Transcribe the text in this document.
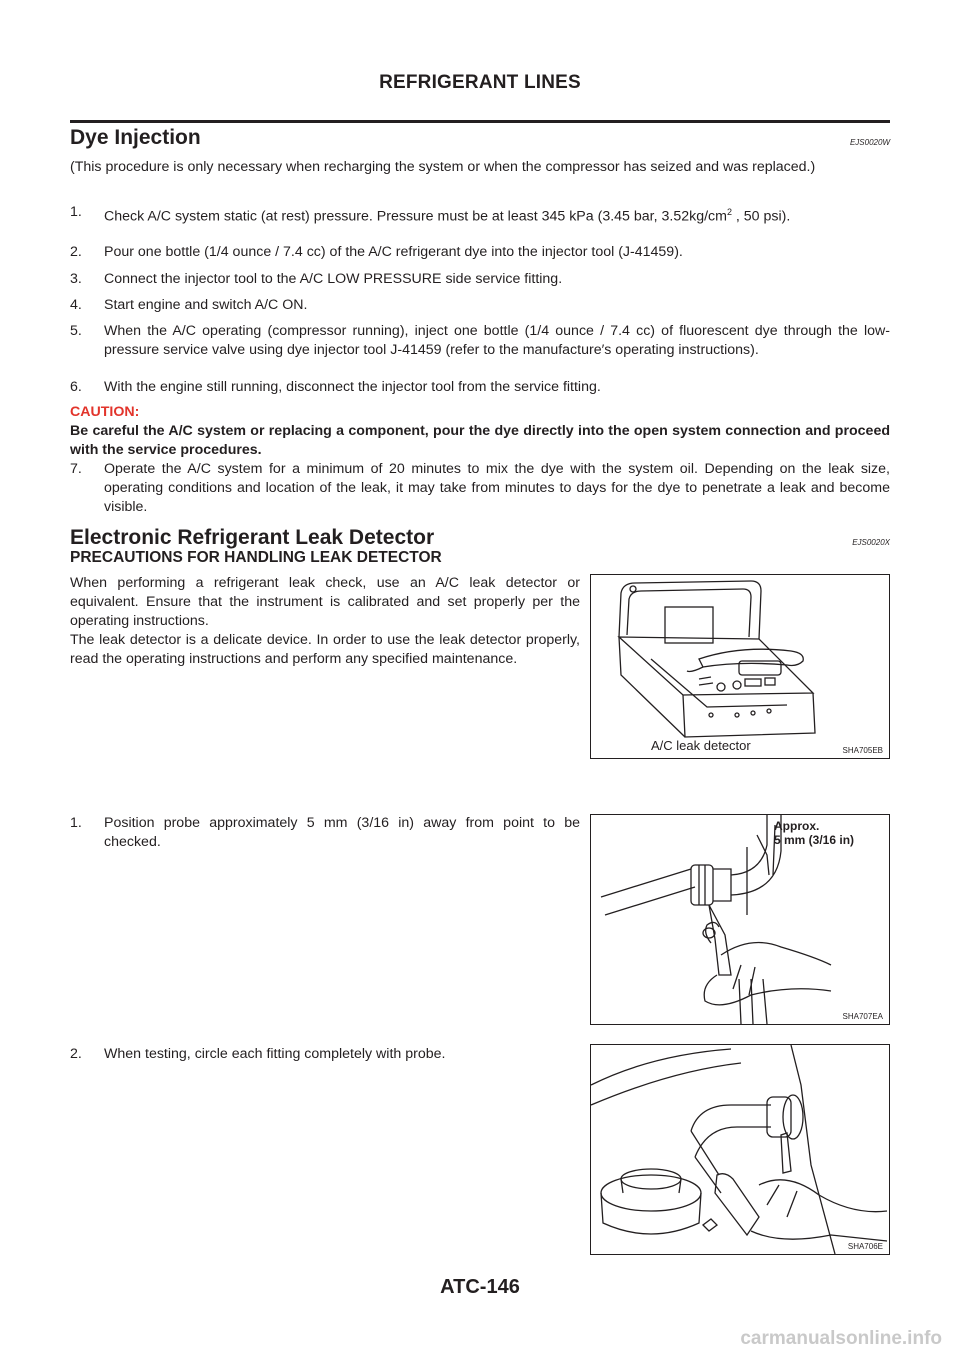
REFRIGERANT LINES
Dye Injection	EJS0020W

(This procedure is only necessary when recharging the system or when the compressor has seized and was replaced.)

1.	Check A/C system static (at rest) pressure. Pressure must be at least 345 kPa (3.45 bar, $3.52kg/cm^2$ , 50 psi).
2.	Pour one bottle (1/4 ounce / 7.4 cc) of the A/C refrigerant dye into the injector tool (J-41459).
3.	Connect the injector tool to the A/C LOW PRESSURE side service fitting.
4.	Start engine and switch A/C ON.
5.	When the A/C operating (compressor running), inject one bottle (1/4 ounce / 7.4 cc) of fluorescent dye through the low-pressure service valve using dye injector tool J-41459 (refer to the manufacture′s operating instructions).
6.	With the engine still running, disconnect the injector tool from the service fitting.
CAUTION:
Be careful the A/C system or replacing a component, pour the dye directly into the open system connection and proceed with the service procedures.
7.	Operate the A/C system for a minimum of 20 minutes to mix the dye with the system oil. Depending on the leak size, operating conditions and location of the leak, it may take from minutes to days for the dye to penetrate a leak and become visible.
Electronic Refrigerant Leak Detector	EJS0020X
PRECAUTIONS FOR HANDLING LEAK DETECTOR

When performing a refrigerant leak check, use an A/C leak detector or equivalent. Ensure that the instrument is calibrated and set properly per the operating instructions.

The leak detector is a delicate device. In order to use the leak detector properly, read the operating instructions and perform any specified maintenance.

1.	Position probe approximately 5 mm (3/16 in) away from point to be checked.
2.	When testing, circle each fitting completely with probe.
A/C leak detector	SHA705EB
Approx.
5 mm (3/16 in)
SHA707EA
SHA706E
ATC-146
carmanualsonline.info
